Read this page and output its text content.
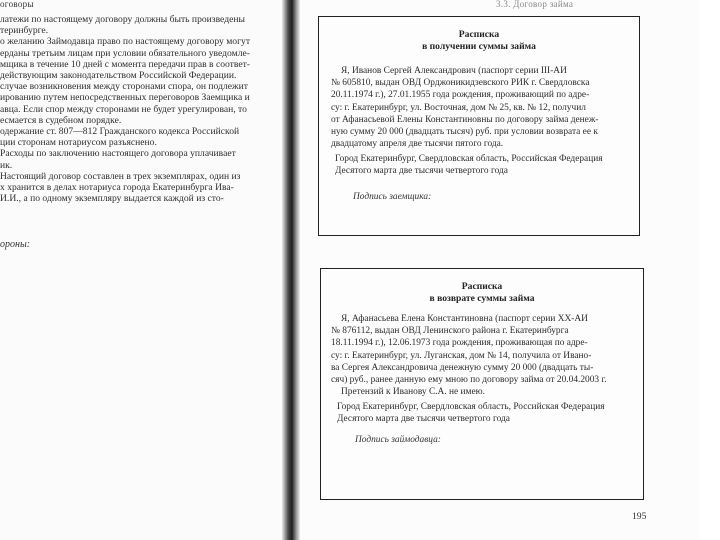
оговоры
латежи по настоящему договору должны быть произведены
теринбурге.
о желанию Займодавца право по настоящему договору могут
ерданы третьим лицам при условии обязательного уведомле-
мщика в течение 10 дней с момента передачи прав в соответ-
действующим законодательством Российской Федерации.
случае возникновения между сторонами спора, он подлежит
ированию путем непосредственных переговоров Заемщика и
авца. Если спор между сторонами не будет урегулирован, то
есмается в судебном порядке.
одержание ст. 807—812 Гражданского кодекса Российской
ции сторонам нотариусом разъяснено.
Расходы по заключению настоящего договора уплачивает
ик.
Настоящий договор составлен в трех экземплярах, один из
х хранится в делах нотариуса города Екатеринбурга Ива-
И.И., а по одному экземпляру выдается каждой из сто-
ороны:
3.3. Договор займа
Расписка
в получении суммы займа
Я, Иванов Сергей Александрович (паспорт серии III-АИ
№ 605810, выдан ОВД Орджоникидзевского РИК г. Свердловска
20.11.1974 г.), 27.01.1955 года рождения, проживающий по адре-
су: г. Екатеринбург, ул. Восточная, дом № 25, кв. № 12, получил
от Афанасьевой Елены Константиновны по договору займа денеж-
ную сумму 20 000 (двадцать тысяч) руб. при условии возврата ее к
двадцатому апреля две тысячи пятого года.
Город Екатеринбург, Свердловская область, Российская Федерация
Десятого марта две тысячи четвертого года
Подпись заемщика:
Расписка
в возврате суммы займа
Я, Афанасьева Елена Константиновна (паспорт серии XX-АИ
№ 876112, выдан ОВД Ленинского района г. Екатеринбурга
18.11.1994 г.), 12.06.1973 года рождения, проживающая по адре-
су: г. Екатеринбург, ул. Луганская, дом № 14, получила от Ивано-
ва Сергея Александровича денежную сумму 20 000 (двадцать ты-
сяч) руб., ранее данную ему мною по договору займа от 20.04.2003 г.
Претензий к Иванову С.А. не имею.
Город Екатеринбург, Свердловская область, Российская Федерация
Десятого марта две тысячи четвертого года
Подпись займодавца:
195
